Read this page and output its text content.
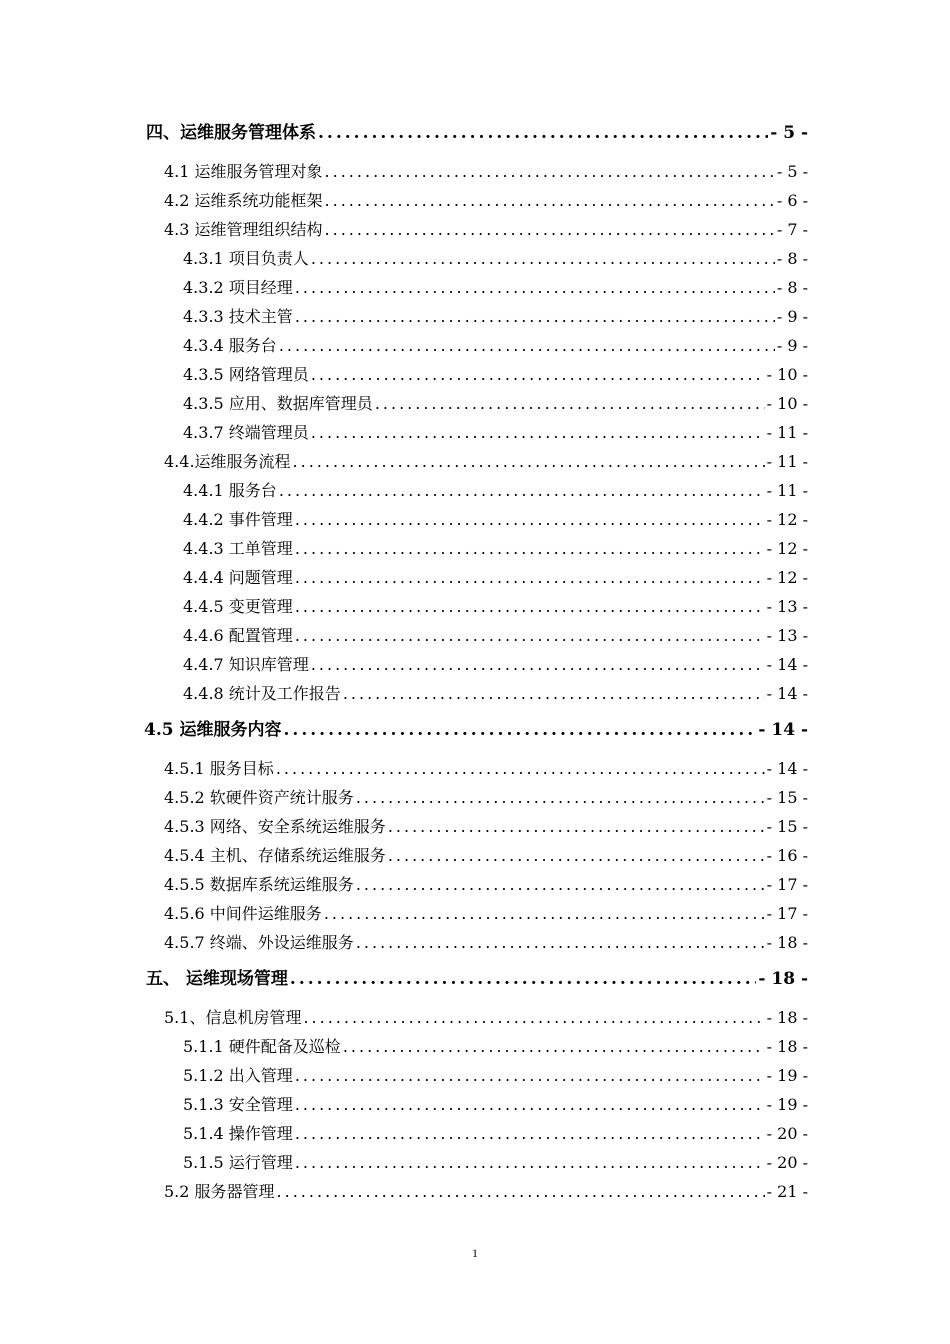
四、运维服务管理体系 .....	- 5 -
4.1 运维服务管理对象 .....	- 5 -
4.2 运维系统功能框架 .....	- 6 -
4.3 运维管理组织结构 .....	- 7 -
4.3.1 项目负责人 .....	- 8 -
4.3.2 项目经理 .....	- 8 -
4.3.3 技术主管 .....	- 9 -
4.3.4 服务台 .....	- 9 -
4.3.5 网络管理员 .....	- 10 -
4.3.5 应用、数据库管理员 .....	- 10 -
4.3.7 终端管理员 .....	- 11 -
4.4.运维服务流程 .....	- 11 -
4.4.1 服务台 .....	- 11 -
4.4.2 事件管理 .....	- 12 -
4.4.3 工单管理 .....	- 12 -
4.4.4 问题管理 .....	- 12 -
4.4.5 变更管理 .....	- 13 -
4.4.6 配置管理 .....	- 13 -
4.4.7 知识库管理 .....	- 14 -
4.4.8 统计及工作报告 .....	- 14 -
4.5 运维服务内容 .....	- 14 -
4.5.1 服务目标 .....	- 14 -
4.5.2 软硬件资产统计服务 .....	- 15 -
4.5.3 网络、安全系统运维服务 .....	- 15 -
4.5.4 主机、存储系统运维服务 .....	- 16 -
4.5.5 数据库系统运维服务 .....	- 17 -
4.5.6 中间件运维服务 .....	- 17 -
4.5.7 终端、外设运维服务 .....	- 18 -
五、 运维现场管理 .....	- 18 -
5.1、信息机房管理 .....	- 18 -
5.1.1 硬件配备及巡检 .....	- 18 -
5.1.2 出入管理 .....	- 19 -
5.1.3 安全管理 .....	- 19 -
5.1.4 操作管理 .....	- 20 -
5.1.5 运行管理 .....	- 20 -
5.2 服务器管理 .....	- 21 -
1
